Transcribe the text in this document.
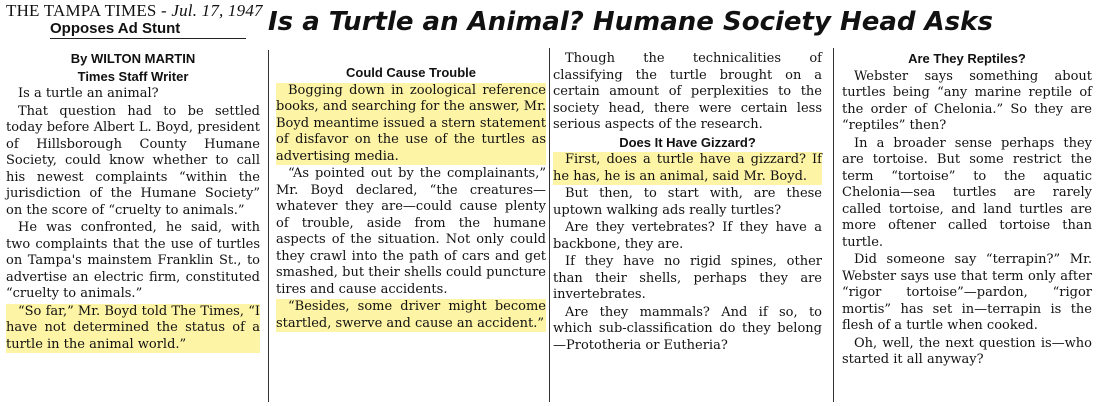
THE TAMPA TIMES - Jul. 17, 1947
Opposes Ad Stunt	Is a Turtle an Animal? Humane Society Head Asks

By WILTON MARTIN

Times Staff Writer

Is a turtle an animal?

That question had to be settled today before Albert L. Boyd, president of Hillsborough County Humane Society, could know whether to call his newest complaints “within the jurisdiction of the Humane Society” on the score of “cruelty to animals.”

He was confronted, he said, with two complaints that the use of turtles on Tampa's mainstem Franklin St., to advertise an electric firm, constituted “cruelty to animals.”

“So far,” Mr. Boyd told The Times, “I have not determined the status of a turtle in the animal world.”

Could Cause Trouble

Bogging down in zoological reference books, and searching for the answer, Mr. Boyd meantime issued a stern statement of disfavor on the use of the turtles as advertising media.

“As pointed out by the complainants,” Mr. Boyd declared, “the creatures—whatever they are—could cause plenty of trouble, aside from the humane aspects of the situation. Not only could they crawl into the path of cars and get smashed, but their shells could puncture tires and cause accidents.

“Besides, some driver might become startled, swerve and cause an accident.”

Though the technicalities of classifying the turtle brought on a certain amount of perplexities to the society head, there were certain less serious aspects of the research.

Does It Have Gizzard?

First, does a turtle have a gizzard? If he has, he is an animal, said Mr. Boyd.

But then, to start with, are these uptown walking ads really turtles?

Are they vertebrates? If they have a backbone, they are.

If they have no rigid spines, other than their shells, perhaps they are invertebrates.

Are they mammals? And if so, to which sub-classification do they belong—Prototheria or Eutheria?

Are They Reptiles?

Webster says something about turtles being “any marine reptile of the order of Chelonia.” So they are “reptiles” then?

In a broader sense perhaps they are tortoise. But some restrict the term “tortoise” to the aquatic Chelonia—sea turtles are rarely called tortoise, and land turtles are more oftener called tortoise than turtle.

Did someone say “terrapin?” Mr. Webster says use that term only after “rigor tortoise”—pardon, “rigor mortis” has set in—terrapin is the flesh of a turtle when cooked.

Oh, well, the next question is—who started it all anyway?
